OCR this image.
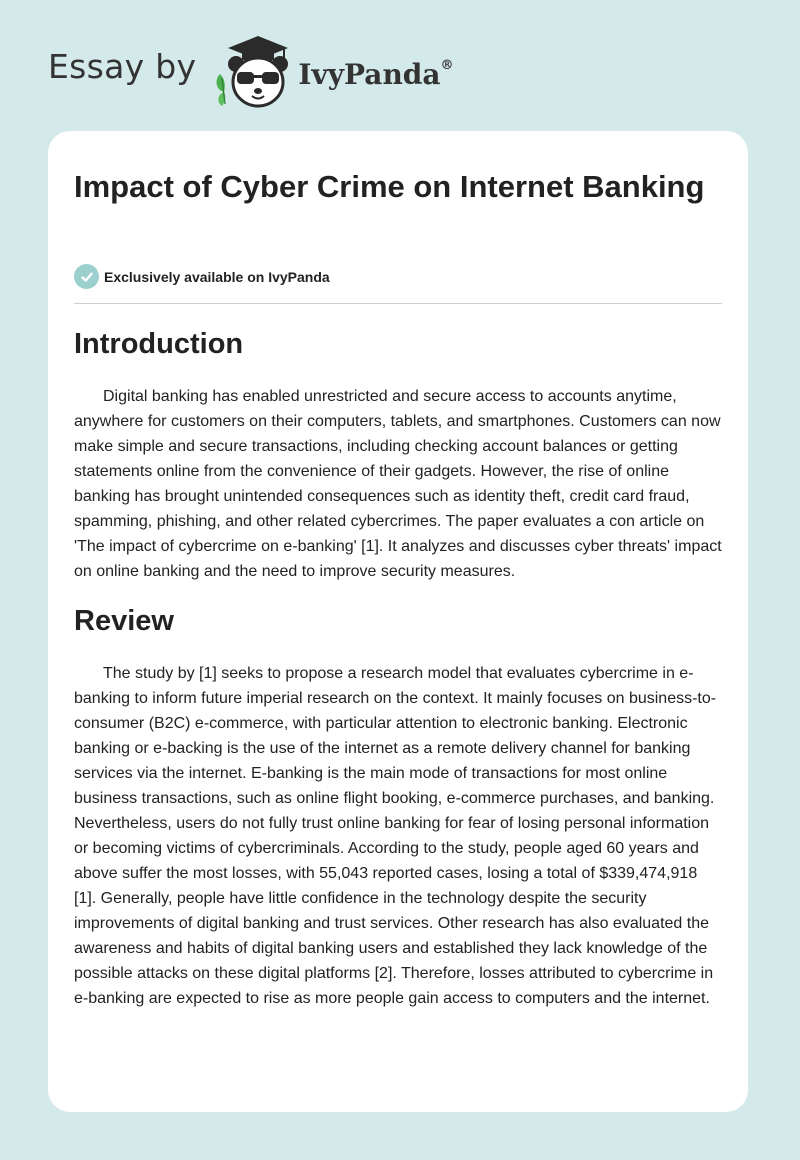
Essay by	IvyPanda®
Impact of Cyber Crime on Internet Banking
Exclusively available on IvyPanda
Introduction

Digital banking has enabled unrestricted and secure access to accounts anytime, anywhere for customers on their computers, tablets, and smartphones. Customers can now make simple and secure transactions, including checking account balances or getting statements online from the convenience of their gadgets. However, the rise of online banking has brought unintended consequences such as identity theft, credit card fraud, spamming, phishing, and other related cybercrimes. The paper evaluates a con article on 'The impact of cybercrime on e-banking' [1]. It analyzes and discusses cyber threats' impact on online banking and the need to improve security measures.

Review

The study by [1] seeks to propose a research model that evaluates cybercrime in e-banking to inform future imperial research on the context. It mainly focuses on business-to-consumer (B2C) e-commerce, with particular attention to electronic banking. Electronic banking or e-backing is the use of the internet as a remote delivery channel for banking services via the internet. E-banking is the main mode of transactions for most online business transactions, such as online flight booking, e-commerce purchases, and banking. Nevertheless, users do not fully trust online banking for fear of losing personal information or becoming victims of cybercriminals. According to the study, people aged 60 years and above suffer the most losses, with 55,043 reported cases, losing a total of $339,474,918 [1]. Generally, people have little confidence in the technology despite the security improvements of digital banking and trust services. Other research has also evaluated the awareness and habits of digital banking users and established they lack knowledge of the possible attacks on these digital platforms [2]. Therefore, losses attributed to cybercrime in e-banking are expected to rise as more people gain access to computers and the internet.
